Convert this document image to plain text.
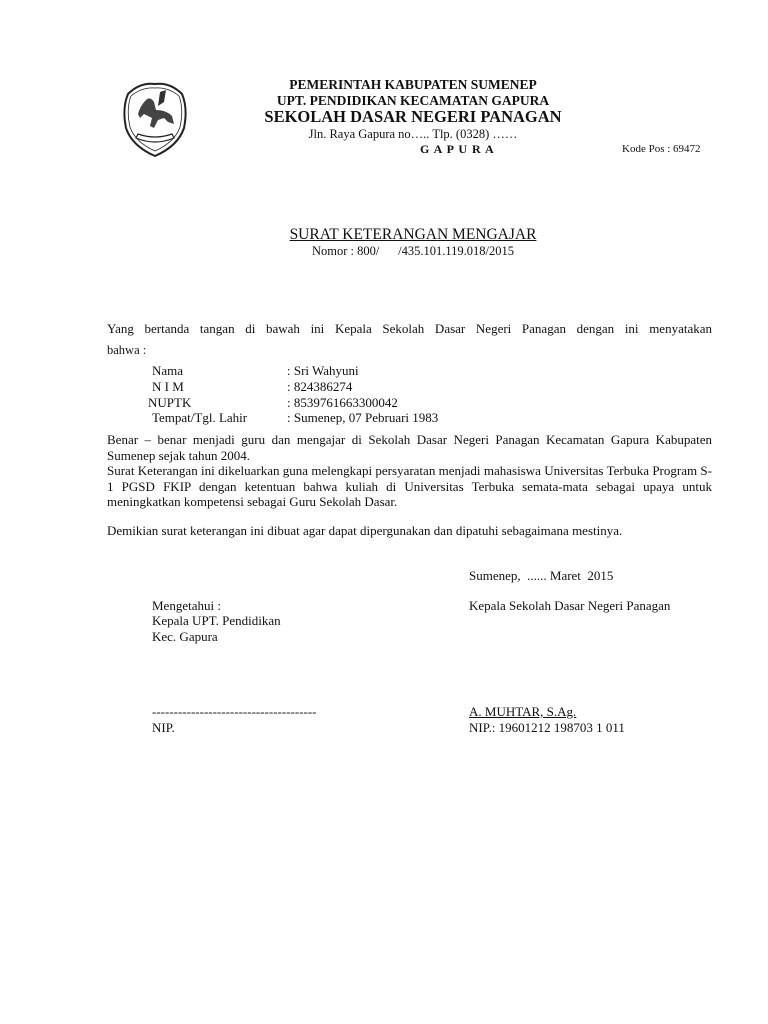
PEMERINTAH KABUPATEN SUMENEP
UPT. PENDIDIKAN KECAMATAN GAPURA
SEKOLAH DASAR NEGERI PANAGAN
Jln. Raya Gapura no….. Tlp. (0328) ……
G A P U R A	Kode Pos : 69472
SURAT KETERANGAN MENGAJAR
Nomor : 800/      /435.101.119.018/2015
Yang bertanda tangan di bawah ini Kepala Sekolah Dasar Negeri Panagan dengan ini menyatakan
bahwa :
Nama	: Sri Wahyuni
N I M	: 824386274
NUPTK	: 8539761663300042
Tempat/Tgl. Lahir	: Sumenep, 07 Pebruari 1983
Benar – benar menjadi guru dan mengajar di Sekolah Dasar Negeri Panagan Kecamatan Gapura Kabupaten Sumenep sejak tahun 2004.
Surat Keterangan ini dikeluarkan guna melengkapi persyaratan menjadi mahasiswa Universitas Terbuka Program S-1 PGSD FKIP dengan ketentuan bahwa kuliah di Universitas Terbuka semata-mata sebagai upaya untuk meningkatkan kompetensi sebagai Guru Sekolah Dasar.
Demikian surat keterangan ini dibuat agar dapat dipergunakan dan dipatuhi sebagaimana mestinya.
Sumenep,  ...... Maret  2015
Mengetahui :
Kepala UPT. Pendidikan
Kec. Gapura
--------------------------------------
NIP.
Kepala Sekolah Dasar Negeri Panagan
A. MUHTAR, S.Ag.
NIP.: 19601212 198703 1 011
